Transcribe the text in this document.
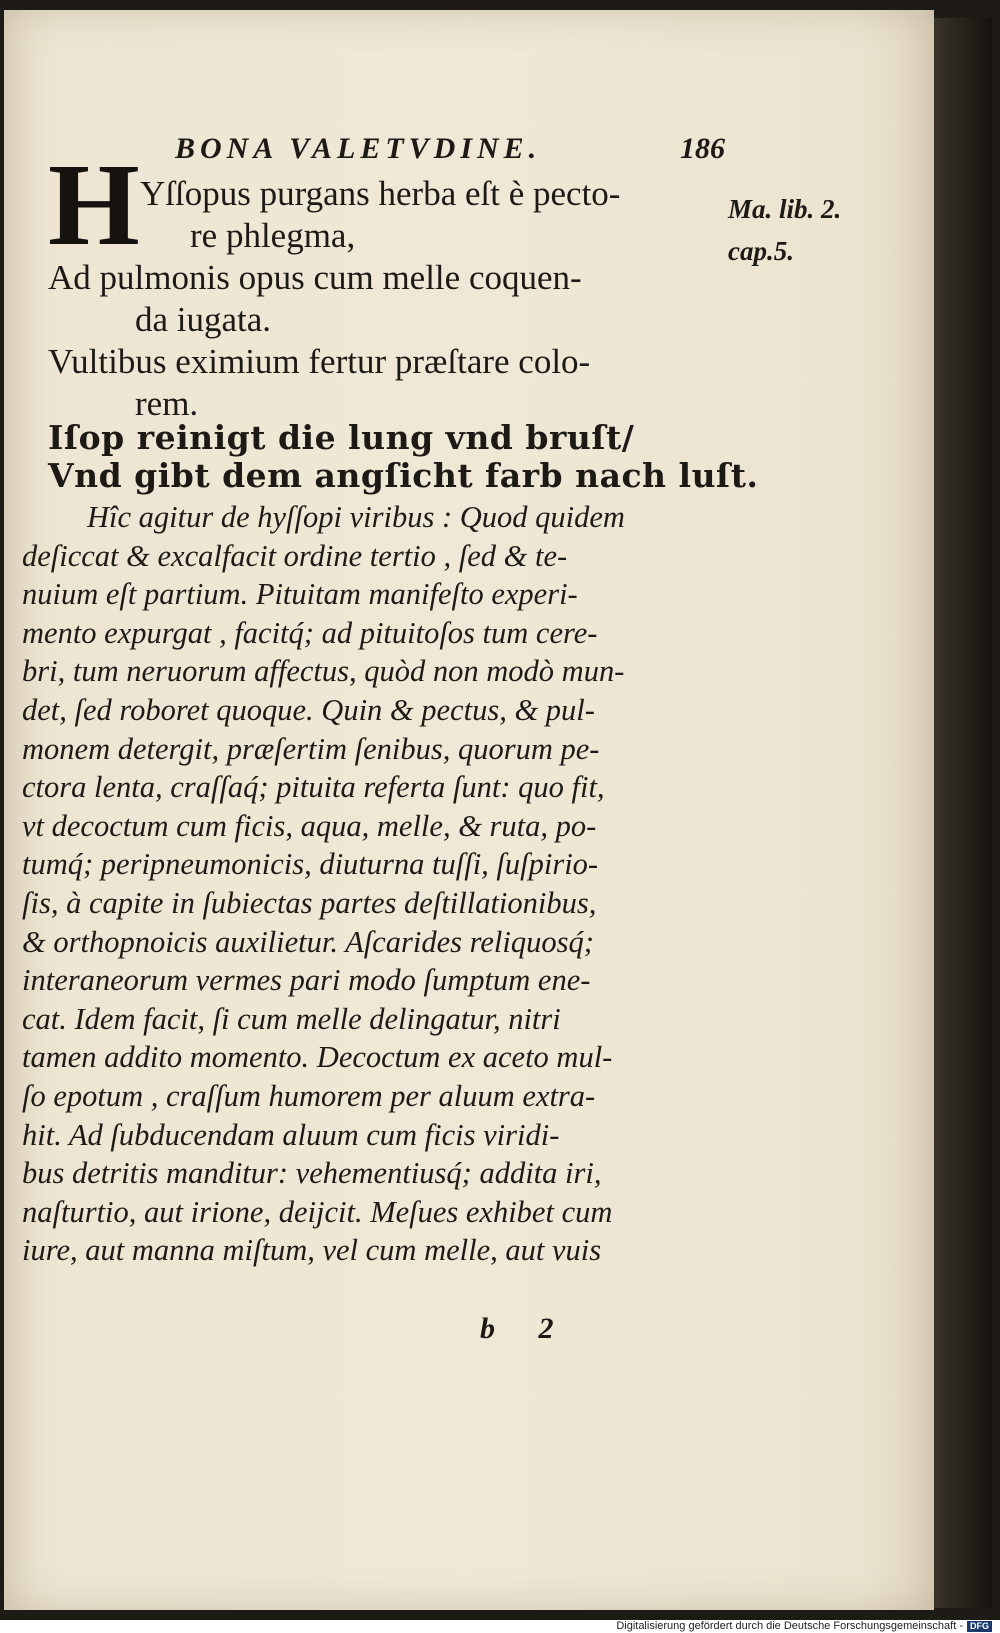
BONA VALETVDINE.	186
Ma. lib. 2.
cap.5.
H Yſſopus purgans herba eſt è pecto-
re phlegma,
Ad pulmonis opus cum melle coquen-
da iugata.
Vultibus eximium fertur præſtare colo-
rem.
Iſop reinigt die lung vnd bruſt/
Vnd gibt dem angſicht farb nach luſt.
Hîc agitur de hyſſopi viribus : Quod quidem
deſiccat & excalfacit ordine tertio , ſed & te-
nuium eſt partium. Pituitam manifeſto experi-
mento expurgat , facitq́; ad pituitoſos tum cere-
bri, tum neruorum affectus, quòd non modò mun-
det, ſed roboret quoque. Quin & pectus, & pul-
monem detergit, præſertim ſenibus, quorum pe-
ctora lenta, craſſaq́; pituita referta ſunt: quo fit,
vt decoctum cum ficis, aqua, melle, & ruta, po-
tumq́; peripneumonicis, diuturna tuſſi, ſuſpirio-
ſis, à capite in ſubiectas partes deſtillationibus,
& orthopnoicis auxilietur. Aſcarides reliquosq́;
interaneorum vermes pari modo ſumptum ene-
cat. Idem facit, ſi cum melle delingatur, nitri
tamen addito momento. Decoctum ex aceto mul-
ſo epotum , craſſum humorem per aluum extra-
hit. Ad ſubducendam aluum cum ficis viridi-
bus detritis manditur: vehementiusq́; addita iri,
naſturtio, aut irione, deijcit. Meſues exhibet cum
iure, aut manna miſtum, vel cum melle, aut vuis
b 2
Digitalisierung gefördert durch die Deutsche Forschungsgemeinschaft - DFG
